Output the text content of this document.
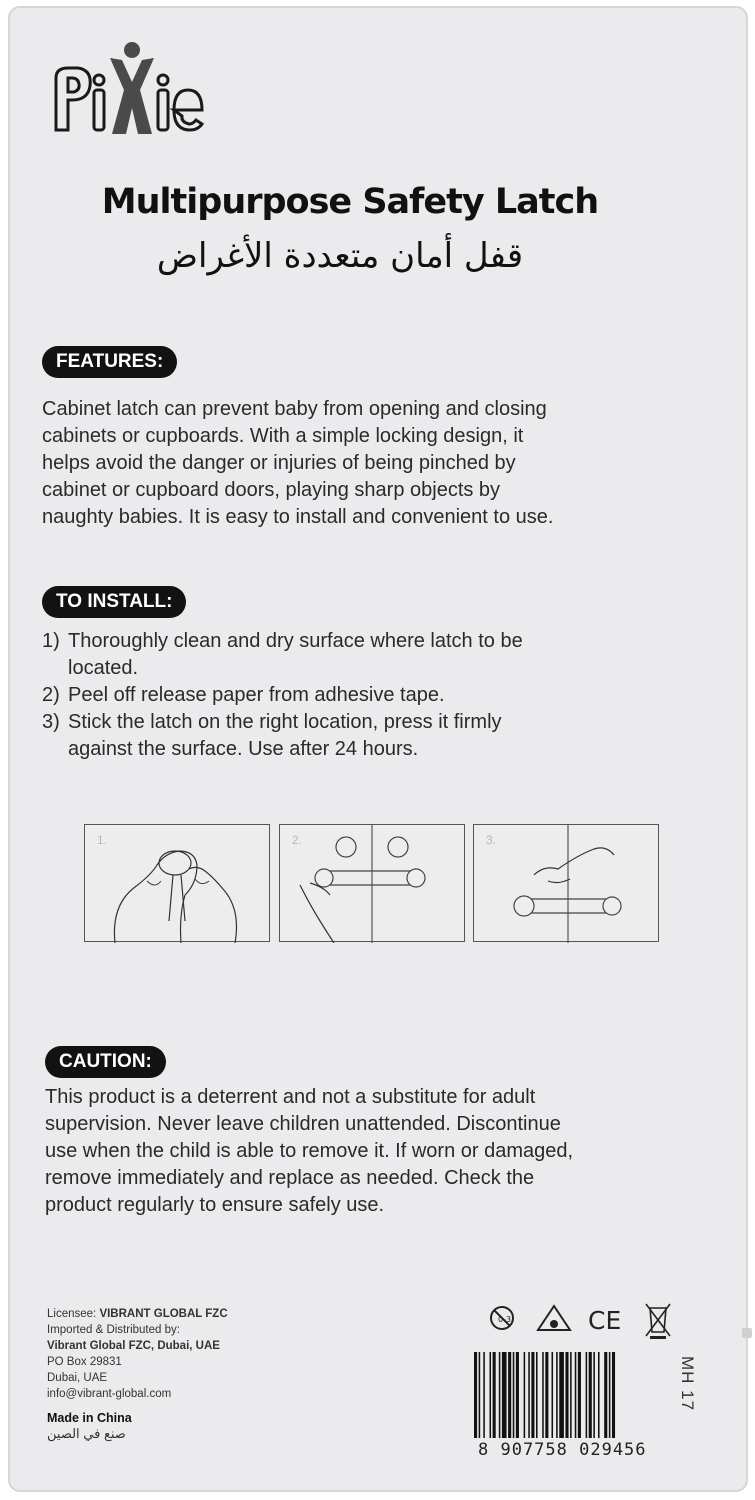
Multipurpose Safety Latch
قفل أمان متعددة الأغراض
FEATURES:
Cabinet latch can prevent baby from opening and closing
cabinets or cupboards. With a simple locking design, it
helps avoid the danger or injuries of being pinched by
cabinet or cupboard doors, playing sharp objects by
naughty babies. It is easy to install and convenient to use.
TO INSTALL:
1) Thoroughly clean and dry surface where latch to be
located.
2) Peel off release paper from adhesive tape.
3) Stick the latch on the right location, press it firmly
against the surface. Use after 24 hours.
1.	2.	3.
CAUTION:
This product is a deterrent and not a substitute for adult
supervision. Never leave children unattended. Discontinue
use when the child is able to remove it. If worn or damaged,
remove immediately and replace as needed. Check the
product regularly to ensure safely use.
Licensee: VIBRANT GLOBAL FZC
Imported & Distributed by:
Vibrant Global FZC, Dubai, UAE
PO Box 29831
Dubai, UAE
info@vibrant-global.com
Made in China
صنع في الصين
0-3	CE
MH 17
8 907758 029456
